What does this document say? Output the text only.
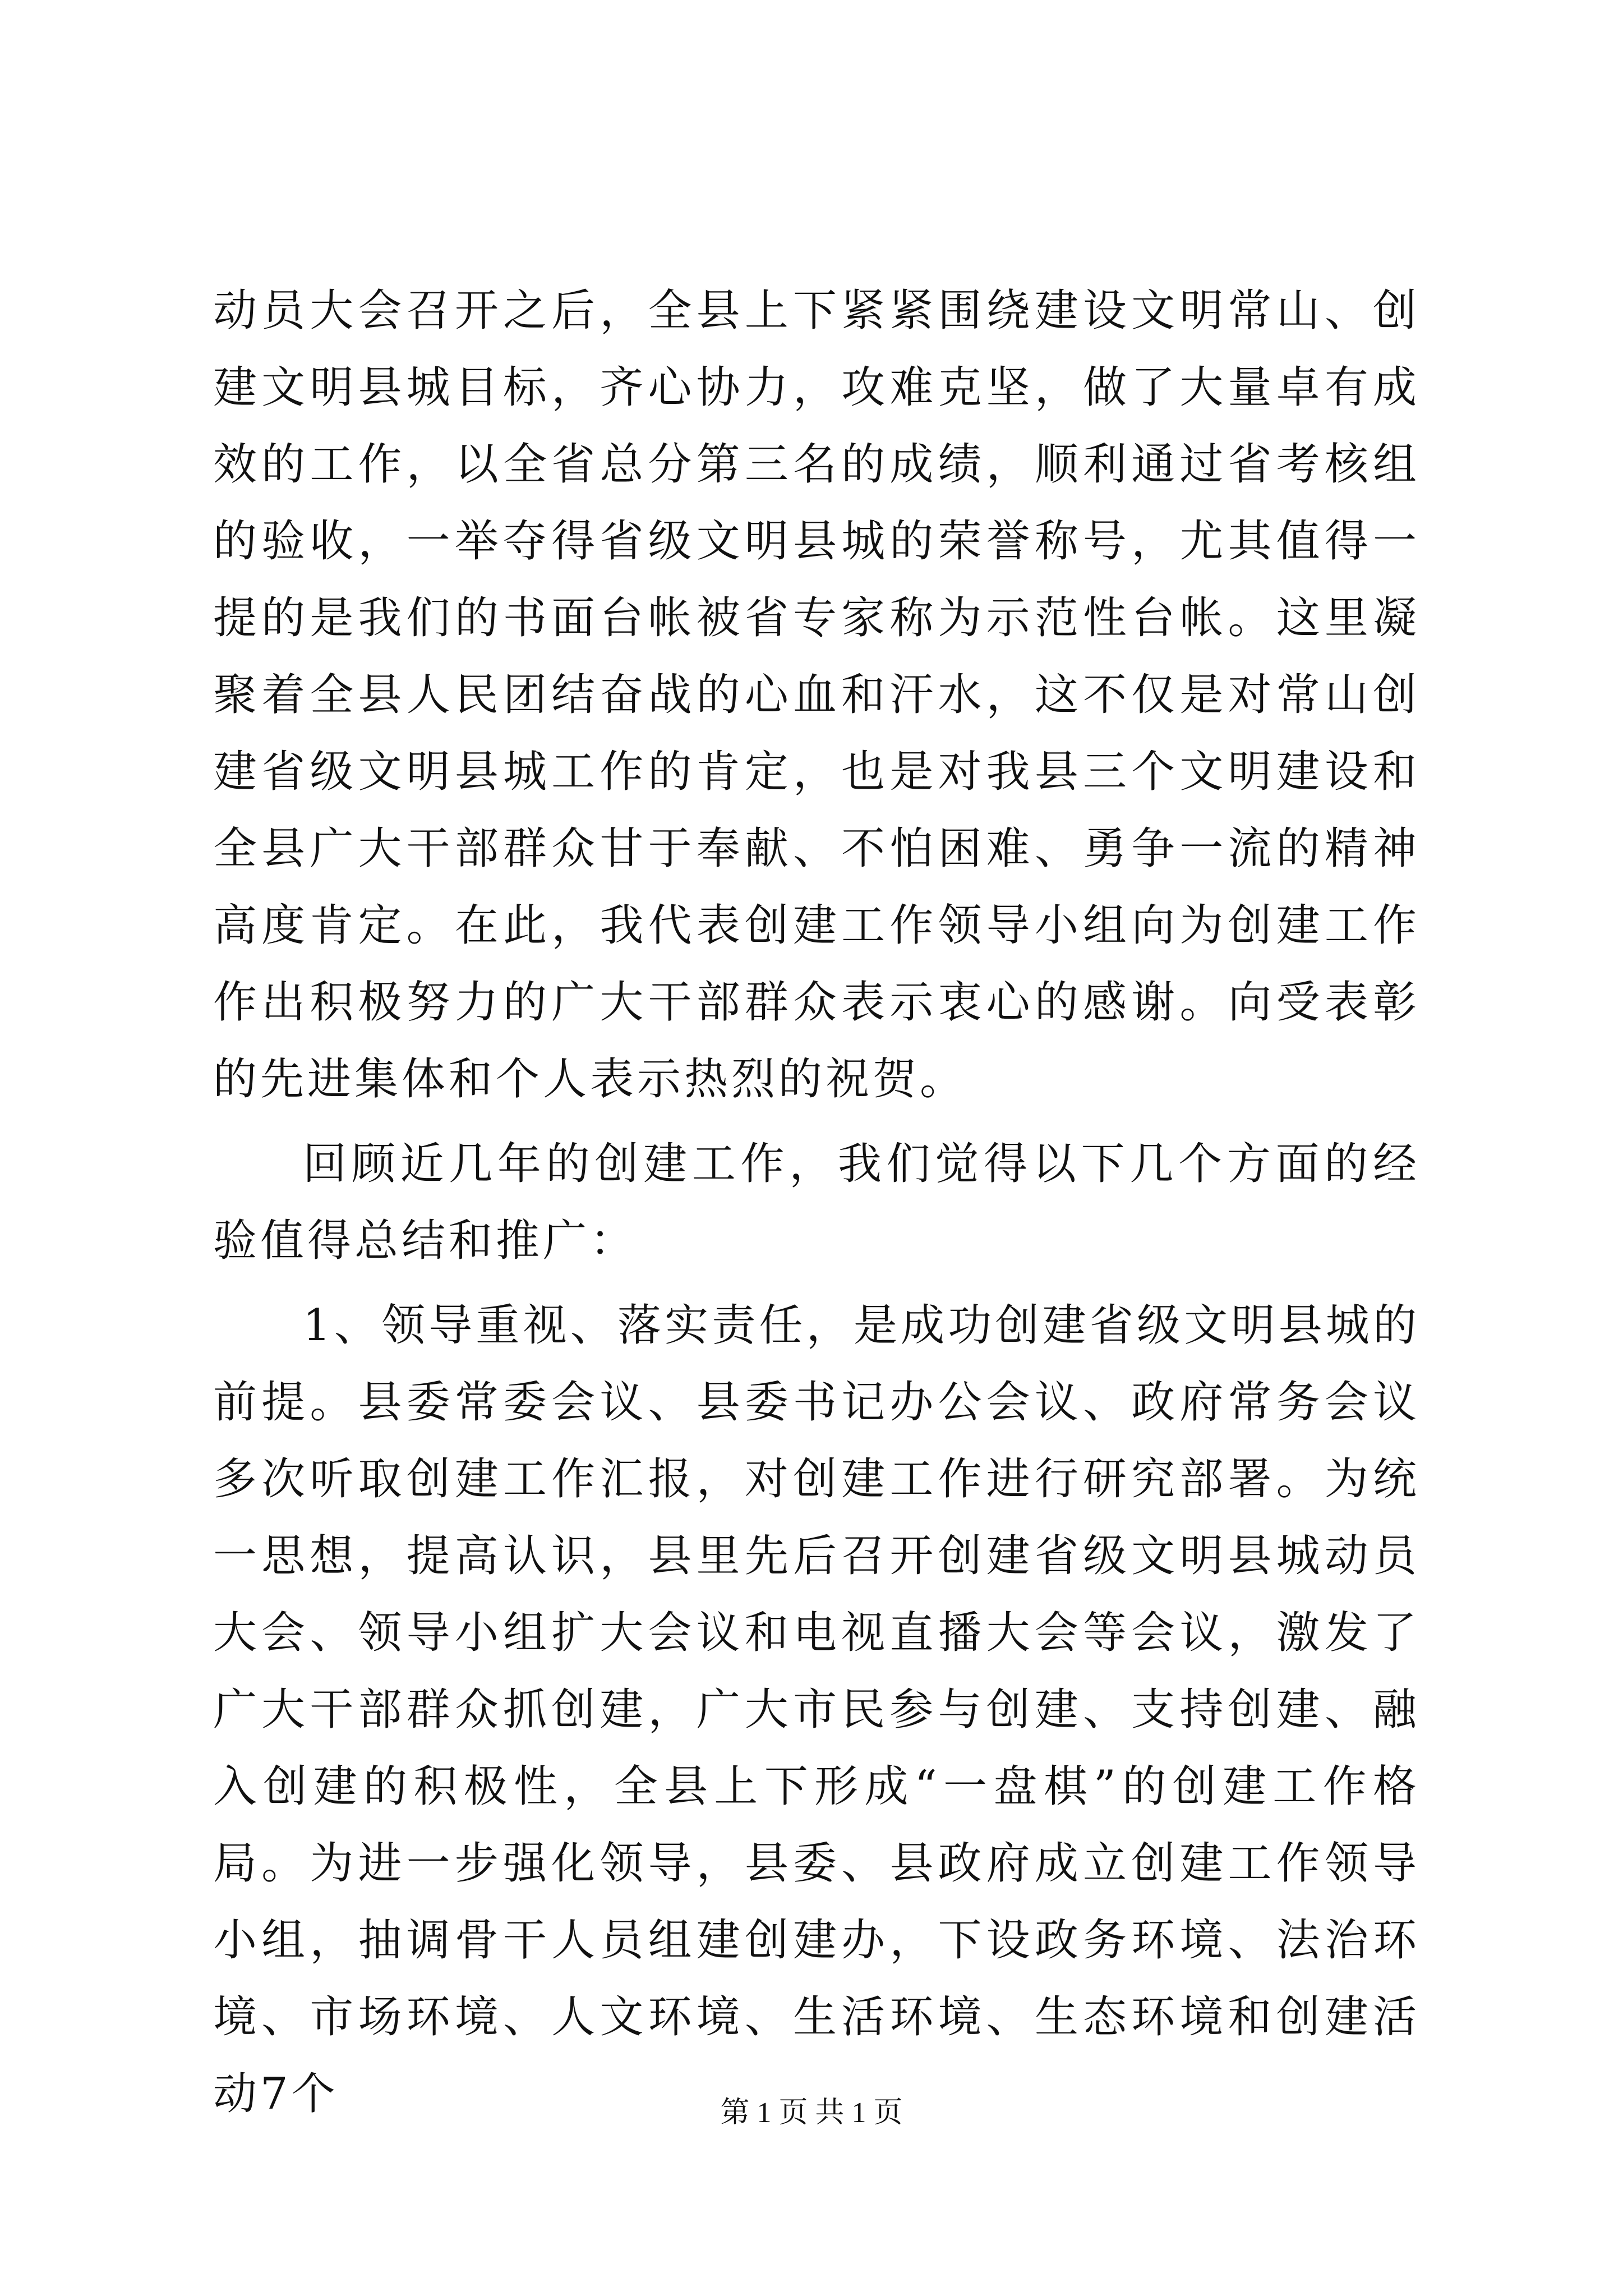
动员大会召开之后，全县上下紧紧围绕建设文明常山、创建文明县城目标，齐心协力，攻难克坚，做了大量卓有成效的工作，以全省总分第三名的成绩，顺利通过省考核组的验收，一举夺得省级文明县城的荣誉称号，尤其值得一提的是我们的书面台帐被省专家称为示范性台帐。这里凝聚着全县人民团结奋战的心血和汗水，这不仅是对常山创建省级文明县城工作的肯定，也是对我县三个文明建设和全县广大干部群众甘于奉献、不怕困难、勇争一流的精神高度肯定。在此，我代表创建工作领导小组向为创建工作作出积极努力的广大干部群众表示衷心的感谢。向受表彰的先进集体和个人表示热烈的祝贺。

回顾近几年的创建工作，我们觉得以下几个方面的经验值得总结和推广：

1、领导重视、落实责任，是成功创建省级文明县城的前提。县委常委会议、县委书记办公会议、政府常务会议多次听取创建工作汇报，对创建工作进行研究部署。为统一思想，提高认识，县里先后召开创建省级文明县城动员大会、领导小组扩大会议和电视直播大会等会议，激发了广大干部群众抓创建，广大市民参与创建、支持创建、融入创建的积极性，全县上下形成“一盘棋”的创建工作格局。为进一步强化领导，县委、县政府成立创建工作领导小组，抽调骨干人员组建创建办，下设政务环境、法治环境、市场环境、人文环境、生活环境、生态环境和创建活动7个	第 1 页 共 1 页
